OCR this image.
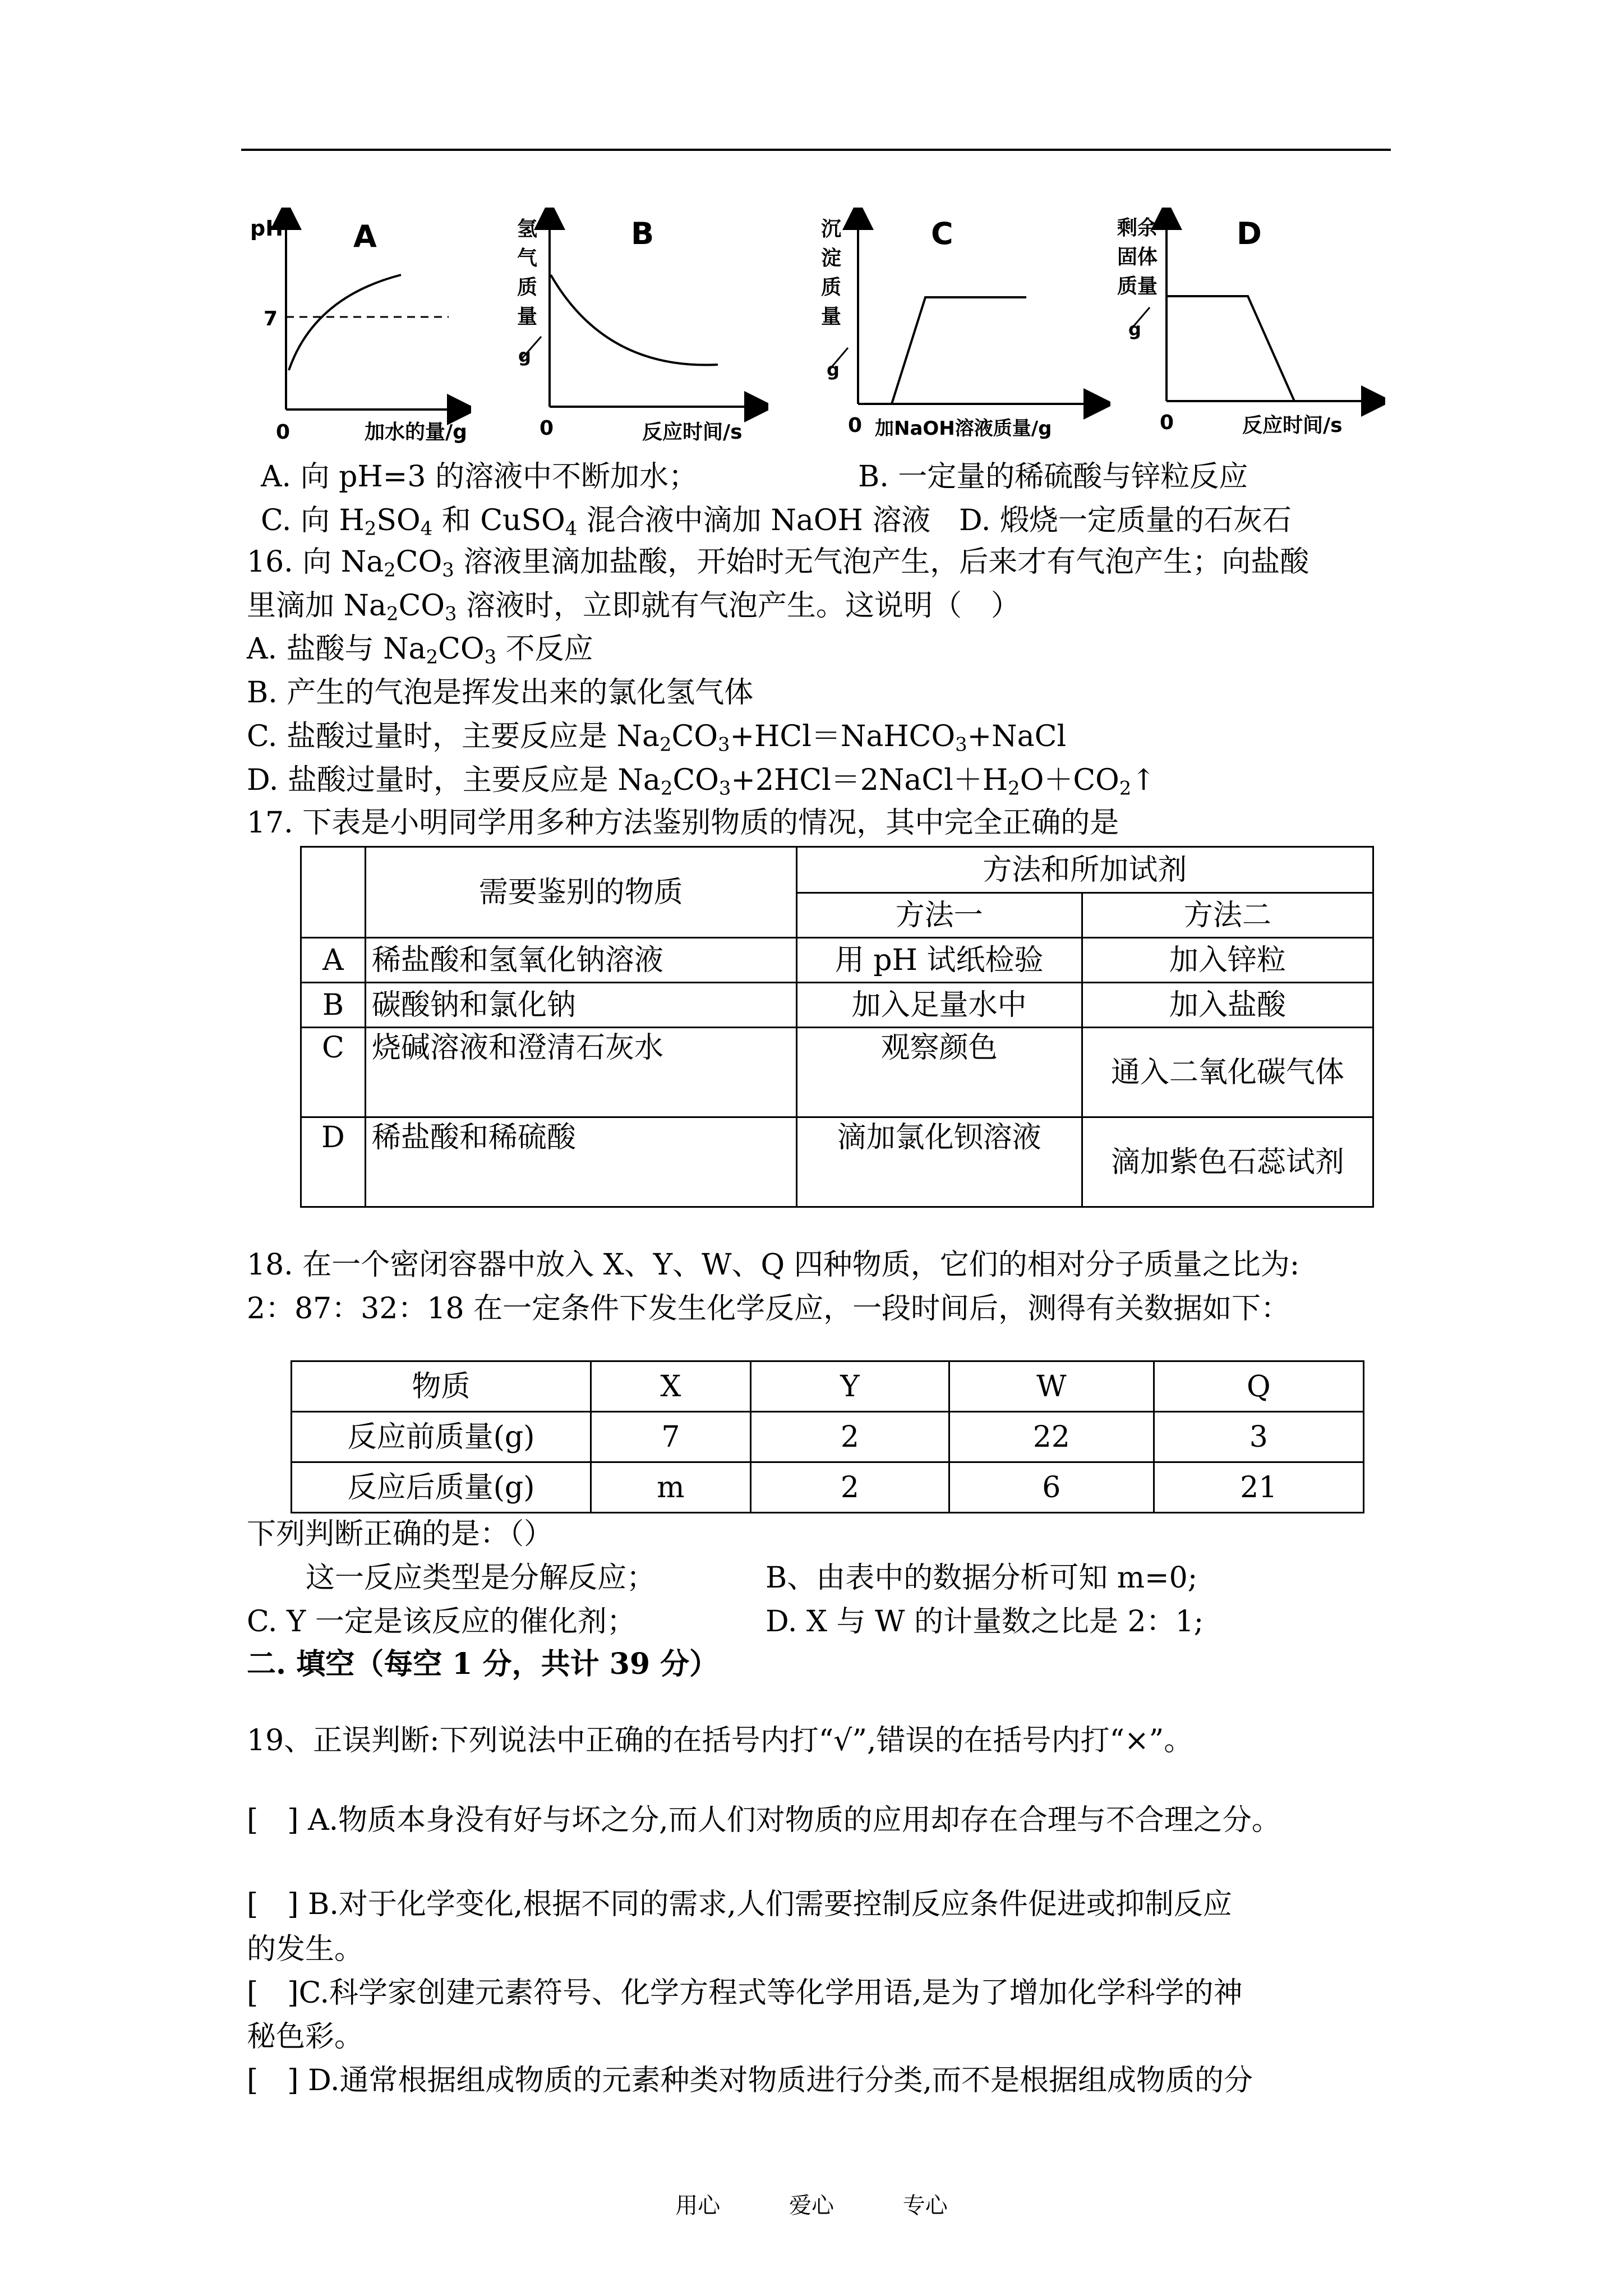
pH
7
A
0	加水的量/g
氢
气
质
量
g
B
0	反应时间/s
沉
淀
质
量
g
C
0 加NaOH溶液质量/g
剩余
固体
质量
g
D
0	反应时间/s
A. 向 pH=3 的溶液中不断加水；	B. 一定量的稀硫酸与锌粒反应
C. 向 $H_2SO_4$ 和 CuSO$_4$ 混合液中滴加 NaOH 溶液 D. 煅烧一定质量的石灰石
16. 向 $Na_2CO_3$ 溶液里滴加盐酸，开始时无气泡产生，后来才有气泡产生；向盐酸
里滴加 $Na_2CO_3$ 溶液时，立即就有气泡产生。这说明（　）
A. 盐酸与 $Na_2CO_3$ 不反应
B. 产生的气泡是挥发出来的氯化氢气体
C. 盐酸过量时，主要反应是 $Na_2CO_3+HCl=NaHCO_3+NaCl$
D. 盐酸过量时，主要反应是 $Na_2CO_3+2HCl=2NaCl+H_2O+CO_2↑$
17. 下表是小明同学用多种方法鉴别物质的情况，其中完全正确的是
	需要鉴别的物质	方法和所加试剂	
		方法一	方法二
A	稀盐酸和氢氧化钠溶液	用 pH 试纸检验	加入锌粒
B	碳酸钠和氯化钠	加入足量水中	加入盐酸
C	烧碱溶液和澄清石灰水	观察颜色	通入二氧化碳气体
D	稀盐酸和稀硫酸	滴加氯化钡溶液	滴加紫色石蕊试剂
18. 在一个密闭容器中放入 X、Y、W、Q 四种物质，它们的相对分子质量之比为:
2：87：32：18 在一定条件下发生化学反应，一段时间后，测得有关数据如下：
物质	X	Y	W	Q
反应前质量(g)	7	2	22	3
反应后质量(g)	m	2	6	21
下列判断正确的是：（）
这一反应类型是分解反应；	B、由表中的数据分析可知 m=0;
C. Y 一定是该反应的催化剂；	D. X 与 W 的计量数之比是 2：1;
二. 填空（每空 1 分，共计 39 分）
19、正误判断:下列说法中正确的在括号内打“√”,错误的在括号内打“×”。
[　] A.物质本身没有好与坏之分,而人们对物质的应用却存在合理与不合理之分。
[　] B.对于化学变化,根据不同的需求,人们需要控制反应条件促进或抑制反应
的发生。
[　]C.科学家创建元素符号、化学方程式等化学用语,是为了增加化学科学的神
秘色彩。
[　] D.通常根据组成物质的元素种类对物质进行分类,而不是根据组成物质的分
用心	爱心	专心
